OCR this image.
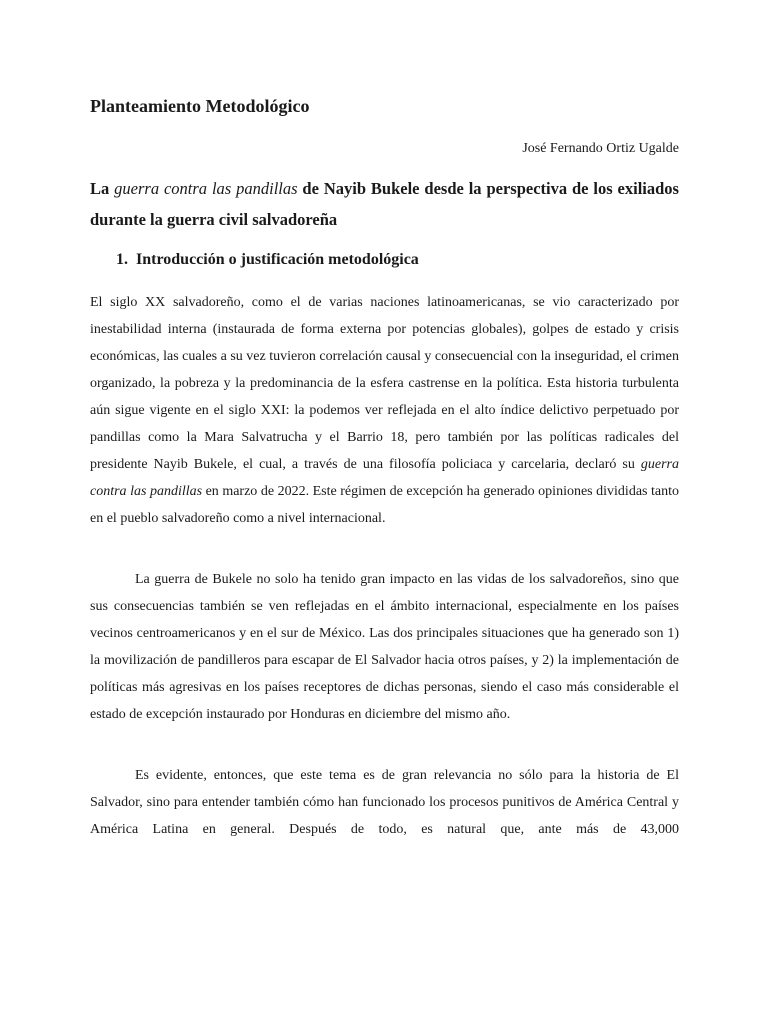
Planteamiento Metodológico

José Fernando Ortiz Ugalde

La guerra contra las pandillas de Nayib Bukele desde la perspectiva de los exiliados durante la guerra civil salvadoreña
1. Introducción o justificación metodológica

El siglo XX salvadoreño, como el de varias naciones latinoamericanas, se vio caracterizado por inestabilidad interna (instaurada de forma externa por potencias globales), golpes de estado y crisis económicas, las cuales a su vez tuvieron correlación causal y consecuencial con la inseguridad, el crimen organizado, la pobreza y la predominancia de la esfera castrense en la política. Esta historia turbulenta aún sigue vigente en el siglo XXI: la podemos ver reflejada en el alto índice delictivo perpetuado por pandillas como la Mara Salvatrucha y el Barrio 18, pero también por las políticas radicales del presidente Nayib Bukele, el cual, a través de una filosofía policiaca y carcelaria, declaró su guerra contra las pandillas en marzo de 2022. Este régimen de excepción ha generado opiniones divididas tanto en el pueblo salvadoreño como a nivel internacional.

La guerra de Bukele no solo ha tenido gran impacto en las vidas de los salvadoreños, sino que sus consecuencias también se ven reflejadas en el ámbito internacional, especialmente en los países vecinos centroamericanos y en el sur de México. Las dos principales situaciones que ha generado son 1) la movilización de pandilleros para escapar de El Salvador hacia otros países, y 2) la implementación de políticas más agresivas en los países receptores de dichas personas, siendo el caso más considerable el estado de excepción instaurado por Honduras en diciembre del mismo año.

Es evidente, entonces, que este tema es de gran relevancia no sólo para la historia de El Salvador, sino para entender también cómo han funcionado los procesos punitivos de América Central y América Latina en general. Después de todo, es natural que, ante más de 43,000
